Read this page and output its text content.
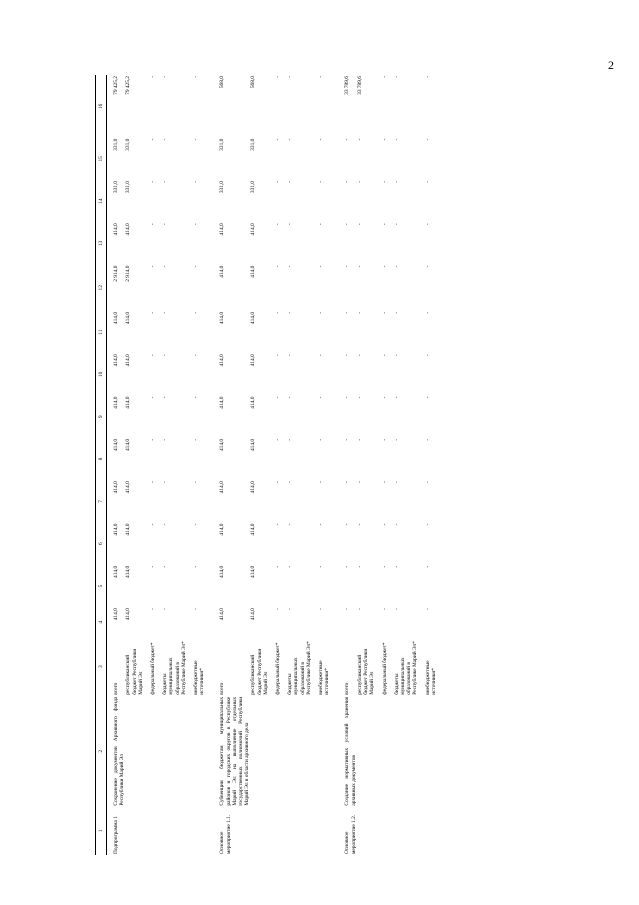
2
1	2	3	4	5	6	7	8	9	10	11	12	13	14	15	16

Подпрограмма 1	Сохранение документов Архивного фонда Республики Марий Эл	всего	414,0	414,0	414,0	414,0	414,0	414,0	414,0	414,0	2 914,0	414,0	331,0	331,0	79 425,2
		республиканский бюджет Республики Марий Эл	414,0	414,0	414,0	414,0	414,0	414,0	414,0	414,0	2 914,0	414,0	331,0	331,0	79 425,2

		федеральный бюджет*	-	-	-	-	-	-	-	-	-	-	-	-	-

		бюджеты муниципальных образований в Республике Марий Эл*	-	-	-	-	-	-	-	-	-	-	-	-	-

		внебюджетные источники*	-	-	-	-	-	-	-	-	-	-	-	-	-

Основное мероприятие 1.1.	Субвенции бюджетам муниципальных районов и городских округов в Республике Марий Эл на выполнение отдельных государственных полномочий Республики Марий Эл в области архивного дела	всего	414,0	414,0	414,0	414,0	414,0	414,0	414,0	414,0	414,0	414,0	331,0	331,0	568,0
		республиканский бюджет Республики Марий Эл	414,0	414,0	414,0	414,0	414,0	414,0	414,0	414,0	414,0	414,0	331,0	331,0	568,0

		федеральный бюджет*	-	-	-	-	-	-	-	-	-	-	-	-	-

		бюджеты муниципальных образований в Республике Марий Эл*	-	-	-	-	-	-	-	-	-	-	-	-	-

		внебюджетные источники*	-	-	-	-	-	-	-	-	-	-	-	-	-

Основное мероприятие 1.2.	Создание нормативных условий хранения архивных документов	всего	-	-	-	-	-	-	-	-	-	-	-	-	33 789,6
		республиканский бюджет Республики Марий Эл	-	-	-	-	-	-	-	-	-	-	-	-	33 789,6

		федеральный бюджет*	-	-	-	-	-	-	-	-	-	-	-	-	-

		бюджеты муниципальных образований в Республике Марий Эл*	-	-	-	-	-	-	-	-	-	-	-	-	-

		внебюджетные источники*	-	-	-	-	-	-	-	-	-	-	-	-	-
